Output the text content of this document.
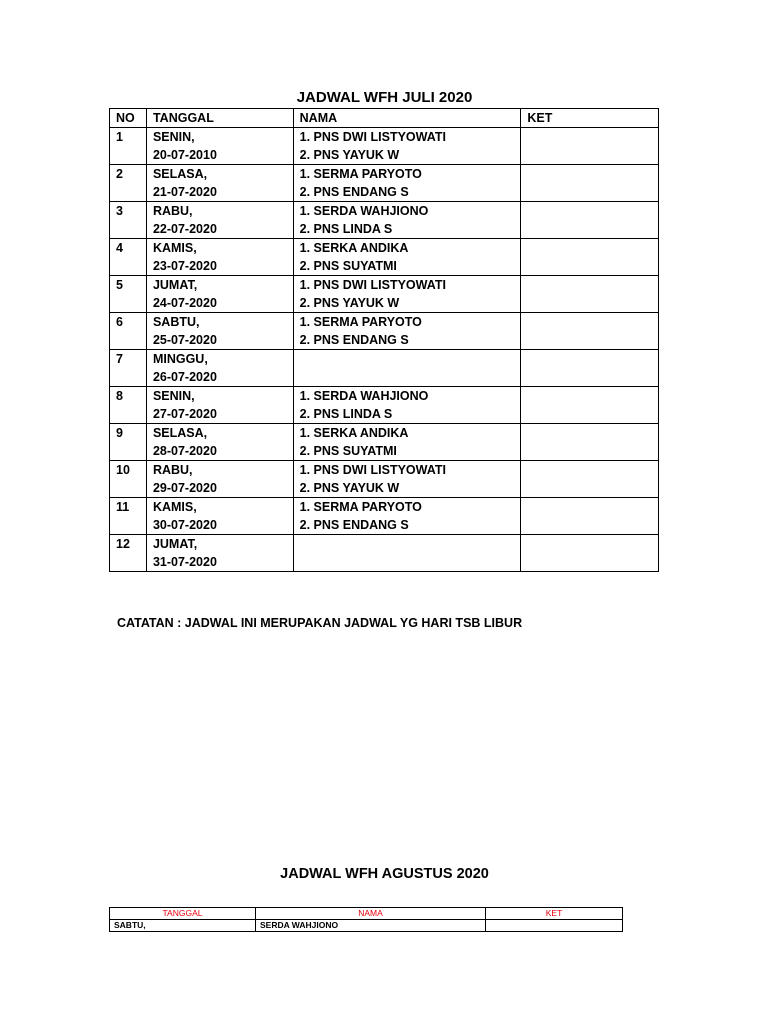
JADWAL WFH JULI 2020
NO	TANGGAL	NAMA	KET

1	SENIN,
20-07-2010	1. PNS DWI LISTYOWATI
2. PNS YAYUK W	

2	SELASA,
21-07-2020	1. SERMA PARYOTO
2. PNS ENDANG S	

3	RABU,
22-07-2020	1. SERDA WAHJIONO
2. PNS LINDA S	

4	KAMIS,
23-07-2020	1. SERKA ANDIKA
2. PNS SUYATMI	

5	JUMAT,
24-07-2020	1. PNS DWI LISTYOWATI
2. PNS YAYUK W	

6	SABTU,
25-07-2020	1. SERMA PARYOTO
2. PNS ENDANG S	

7	MINGGU,
26-07-2020		

8	SENIN,
27-07-2020	1. SERDA WAHJIONO
2. PNS LINDA S	

9	SELASA,
28-07-2020	1. SERKA ANDIKA
2. PNS SUYATMI	

10	RABU,
29-07-2020	1. PNS DWI LISTYOWATI
2. PNS YAYUK W	

11	KAMIS,
30-07-2020	1. SERMA PARYOTO
2. PNS ENDANG S	

12	JUMAT,
31-07-2020		

CATATAN : JADWAL INI MERUPAKAN JADWAL YG HARI TSB LIBUR
JADWAL WFH AGUSTUS 2020
TANGGAL	NAMA	KET
SABTU,	SERDA WAHJIONO	
